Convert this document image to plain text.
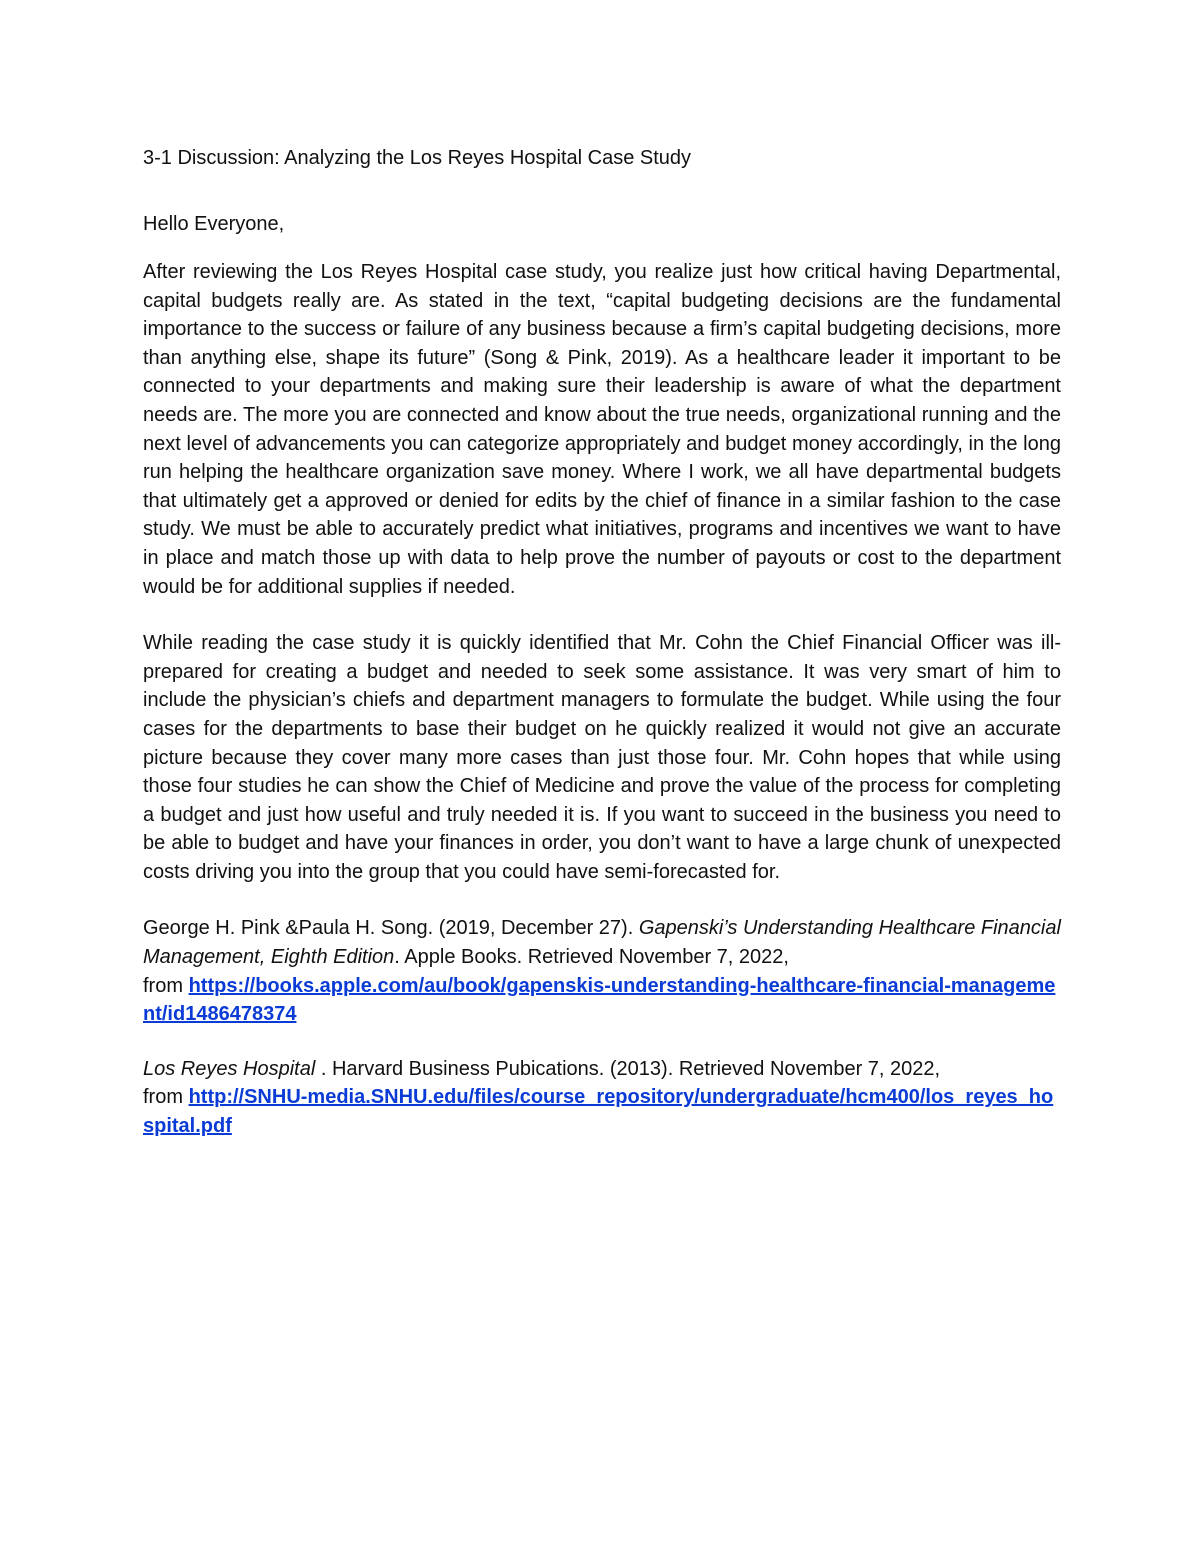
3-1 Discussion: Analyzing the Los Reyes Hospital Case Study

Hello Everyone,

After reviewing the Los Reyes Hospital case study, you realize just how critical having Departmental, capital budgets really are. As stated in the text, “capital budgeting decisions are the fundamental importance to the success or failure of any business because a firm’s capital budgeting decisions, more than anything else, shape its future” (Song & Pink, 2019). As a healthcare leader it important to be connected to your departments and making sure their leadership is aware of what the department needs are. The more you are connected and know about the true needs, organizational running and the next level of advancements you can categorize appropriately and budget money accordingly, in the long run helping the healthcare organization save money. Where I work, we all have departmental budgets that ultimately get a approved or denied for edits by the chief of finance in a similar fashion to the case study. We must be able to accurately predict what initiatives, programs and incentives we want to have in place and match those up with data to help prove the number of payouts or cost to the department would be for additional supplies if needed.

While reading the case study it is quickly identified that Mr. Cohn the Chief Financial Officer was ill-prepared for creating a budget and needed to seek some assistance. It was very smart of him to include the physician’s chiefs and department managers to formulate the budget. While using the four cases for the departments to base their budget on he quickly realized it would not give an accurate picture because they cover many more cases than just those four. Mr. Cohn hopes that while using those four studies he can show the Chief of Medicine and prove the value of the process for completing a budget and just how useful and truly needed it is. If you want to succeed in the business you need to be able to budget and have your finances in order, you don’t want to have a large chunk of unexpected costs driving you into the group that you could have semi-forecasted for.

George H. Pink &Paula H. Song. (2019, December 27). Gapenski’s Understanding Healthcare Financial Management, Eighth Edition. Apple Books. Retrieved November 7, 2022,
from https://books.apple.com/au/book/gapenskis-understanding-healthcare-financial-management/id1486478374

Los Reyes Hospital . Harvard Business Pubications. (2013). Retrieved November 7, 2022,
from http://SNHU-media.SNHU.edu/files/course_repository/undergraduate/hcm400/los_reyes_hospital.pdf
